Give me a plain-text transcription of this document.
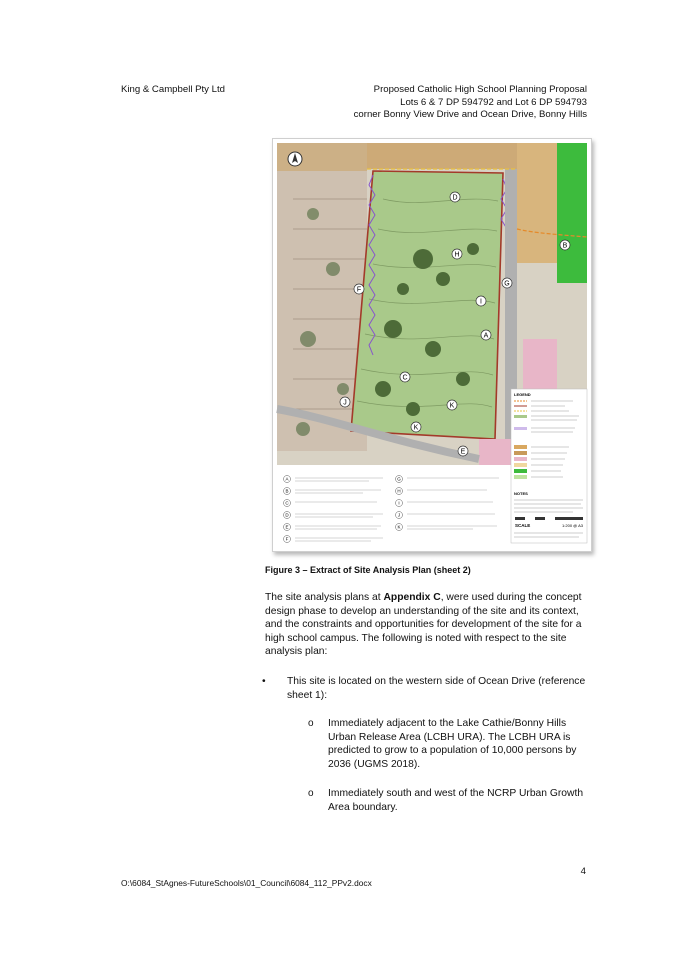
King & Campbell Pty Ltd	Proposed Catholic High School Planning Proposal
Lots 6 & 7 DP 594792 and Lot 6 DP 594793
corner Bonny View Drive and Ocean Drive, Bonny Hills
A
B
C
D
E
F
G
H
I
J	K
K
LEGEND
NOTES
SCALE	1:200 @ A3
A
B
C
D
E
F
G
H
I
J
K
Figure 3 – Extract of Site Analysis Plan (sheet 2)
The site analysis plans at Appendix C, were used during the concept design phase to develop an understanding of the site and its context, and the constraints and opportunities for development of the site for a high school campus. The following is noted with respect to the site analysis plan:
• This site is located on the western side of Ocean Drive (reference sheet 1):
o Immediately adjacent to the Lake Cathie/Bonny Hills Urban Release Area (LCBH URA). The LCBH URA is predicted to grow to a population of 10,000 persons by 2036 (UGMS 2018).
o Immediately south and west of the NCRP Urban Growth Area boundary.
4
O:\6084_StAgnes-FutureSchools\01_Council\6084_112_PPv2.docx
